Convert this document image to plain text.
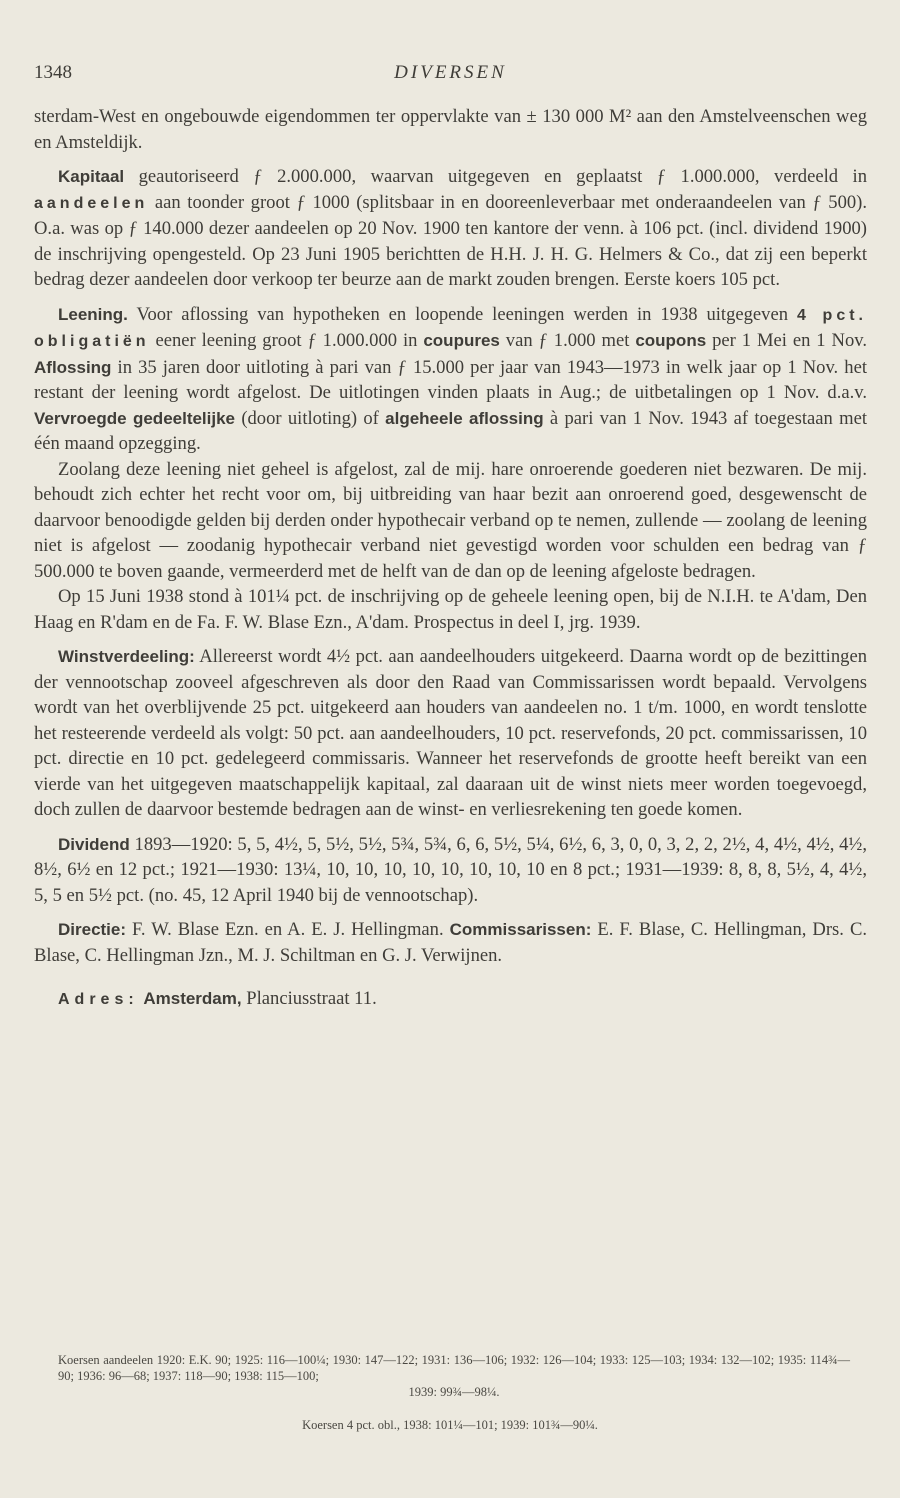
1348	DIVERSEN

sterdam-West en ongebouwde eigendommen ter oppervlakte van ± 130 000 M² aan den Amstelveenschen weg en Amsteldijk.

Kapitaal geautoriseerd ƒ 2.000.000, waarvan uitgegeven en geplaatst ƒ 1.000.000, verdeeld in aandeelen aan toonder groot ƒ 1000 (splitsbaar in en dooreenleverbaar met onderaandeelen van ƒ 500). O.a. was op ƒ 140.000 dezer aandeelen op 20 Nov. 1900 ten kantore der venn. à 106 pct. (incl. dividend 1900) de inschrijving opengesteld. Op 23 Juni 1905 berichtten de H.H. J. H. G. Helmers & Co., dat zij een beperkt bedrag dezer aandeelen door verkoop ter beurze aan de markt zouden brengen. Eerste koers 105 pct.

Leening. Voor aflossing van hypotheken en loopende leeningen werden in 1938 uitgegeven 4 pct. obligatiën eener leening groot ƒ 1.000.000 in coupures van ƒ 1.000 met coupons per 1 Mei en 1 Nov. Aflossing in 35 jaren door uitloting à pari van ƒ 15.000 per jaar van 1943—1973 in welk jaar op 1 Nov. het restant der leening wordt afgelost. De uitlotingen vinden plaats in Aug.; de uitbetalingen op 1 Nov. d.a.v. Vervroegde gedeeltelijke (door uitloting) of algeheele aflossing à pari van 1 Nov. 1943 af toegestaan met één maand opzegging.

Zoolang deze leening niet geheel is afgelost, zal de mij. hare onroerende goederen niet bezwaren. De mij. behoudt zich echter het recht voor om, bij uitbreiding van haar bezit aan onroerend goed, desgewenscht de daarvoor benoodigde gelden bij derden onder hypothecair verband op te nemen, zullende — zoolang de leening niet is afgelost — zoodanig hypothecair verband niet gevestigd worden voor schulden een bedrag van ƒ 500.000 te boven gaande, vermeerderd met de helft van de dan op de leening afgeloste bedragen.

Op 15 Juni 1938 stond à 101¼ pct. de inschrijving op de geheele leening open, bij de N.I.H. te A'dam, Den Haag en R'dam en de Fa. F. W. Blase Ezn., A'dam. Prospectus in deel I, jrg. 1939.

Winstverdeeling: Allereerst wordt 4½ pct. aan aandeelhouders uitgekeerd. Daarna wordt op de bezittingen der vennootschap zooveel afgeschreven als door den Raad van Commissarissen wordt bepaald. Vervolgens wordt van het overblijvende 25 pct. uitgekeerd aan houders van aandeelen no. 1 t/m. 1000, en wordt tenslotte het resteerende verdeeld als volgt: 50 pct. aan aandeelhouders, 10 pct. reservefonds, 20 pct. commissarissen, 10 pct. directie en 10 pct. gedelegeerd commissaris. Wanneer het reservefonds de grootte heeft bereikt van een vierde van het uitgegeven maatschappelijk kapitaal, zal daaraan uit de winst niets meer worden toegevoegd, doch zullen de daarvoor bestemde bedragen aan de winst- en verliesrekening ten goede komen.

Dividend 1893—1920: 5, 5, 4½, 5, 5½, 5½, 5¾, 5¾, 6, 6, 5½, 5¼, 6½, 6, 3, 0, 0, 3, 2, 2, 2½, 4, 4½, 4½, 4½, 8½, 6½ en 12 pct.; 1921—1930: 13¼, 10, 10, 10, 10, 10, 10, 10, 10 en 8 pct.; 1931—1939: 8, 8, 8, 5½, 4, 4½, 5, 5 en 5½ pct. (no. 45, 12 April 1940 bij de vennootschap).

Directie: F. W. Blase Ezn. en A. E. J. Hellingman. Commissarissen: E. F. Blase, C. Hellingman, Drs. C. Blase, C. Hellingman Jzn., M. J. Schiltman en G. J. Verwijnen.

Adres: Amsterdam, Planciusstraat 11.

Koersen aandeelen 1920: E.K. 90; 1925: 116—100¼; 1930: 147—122; 1931: 136—106; 1932: 126—104; 1933: 125—103; 1934: 132—102; 1935: 114¾—90; 1936: 96—68; 1937: 118—90; 1938: 115—100;

1939: 99¾—98¼.

Koersen 4 pct. obl., 1938: 101¼—101; 1939: 101¾—90¼.
